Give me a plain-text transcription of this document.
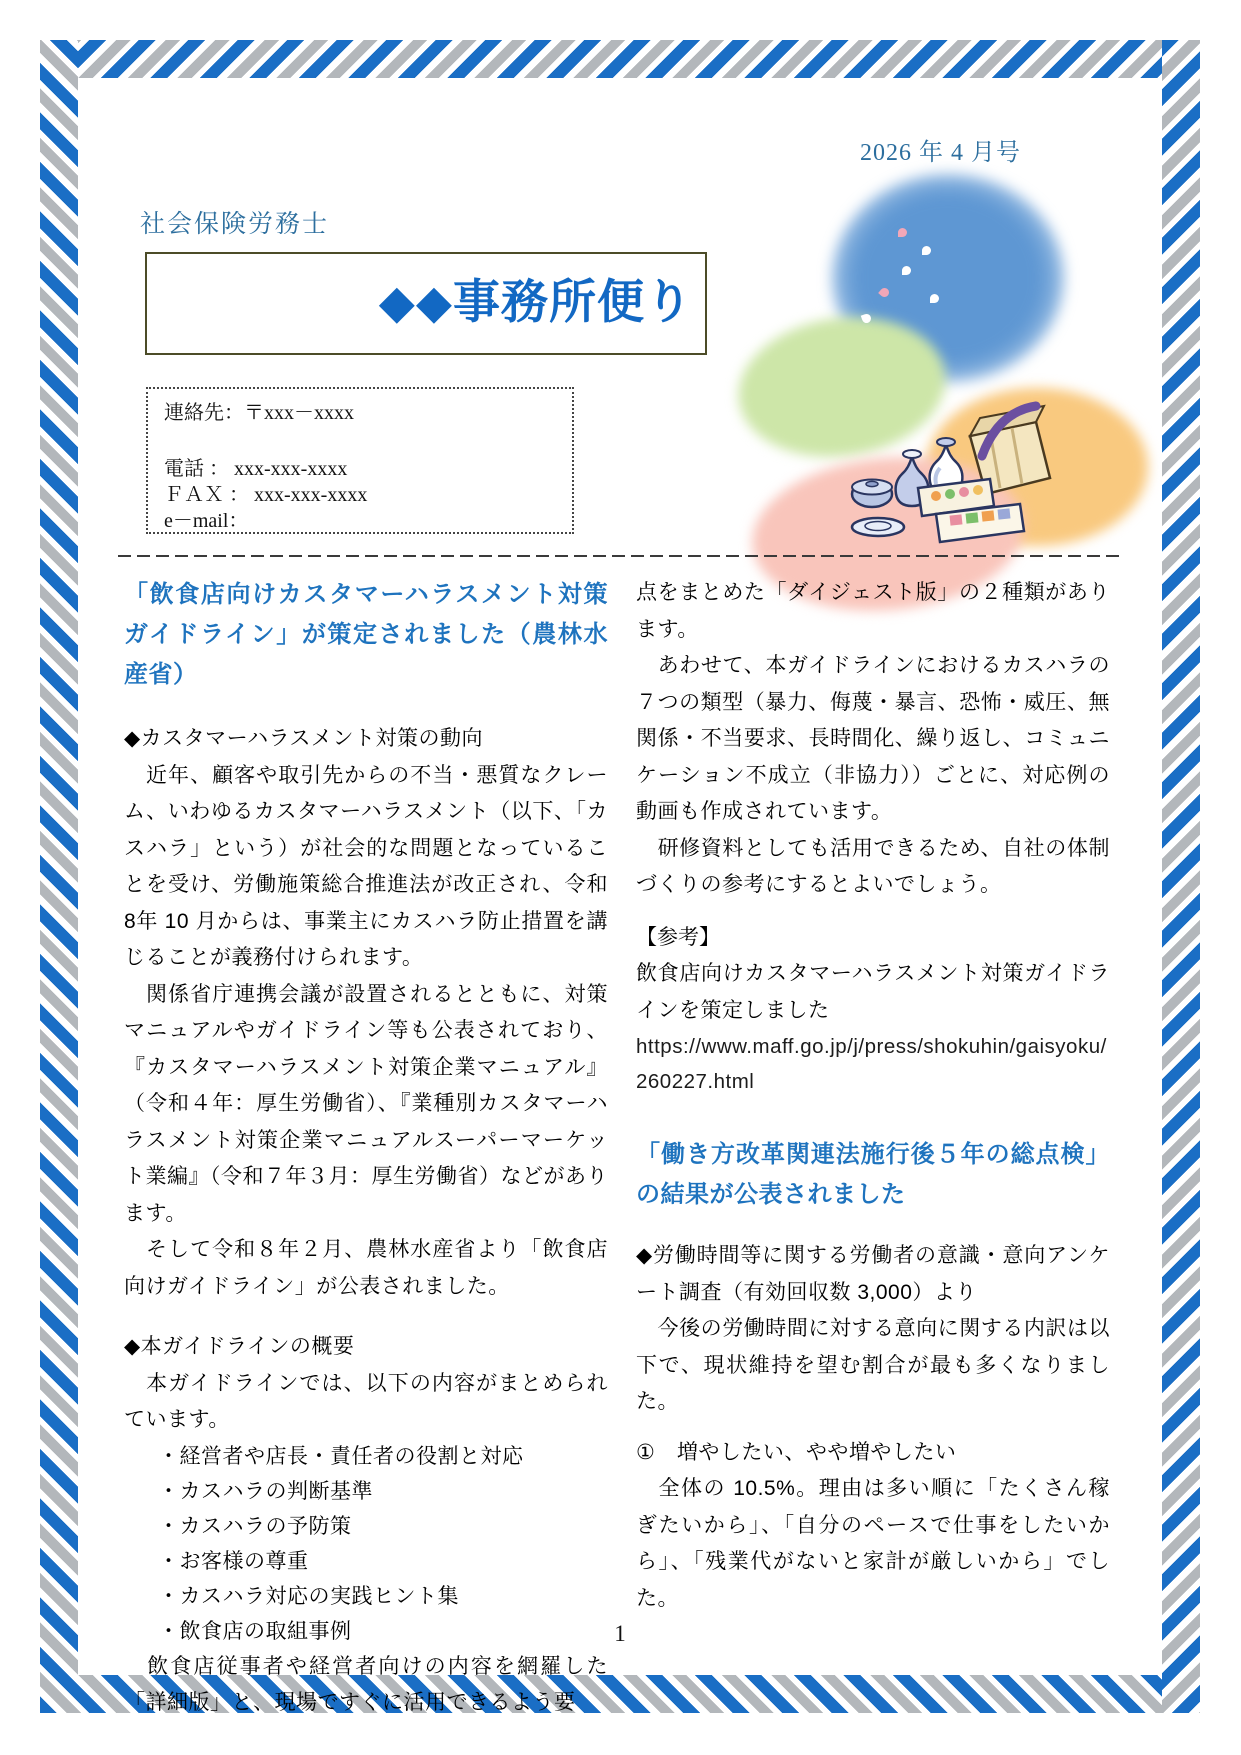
2026 年 4 月号
社会保険労務士
◆◆事務所便り
連絡先：〒xxx－xxxx
電話 ： xxx-xxx-xxxx
ＦＡＸ ： xxx-xxx-xxxx
e－mail：
「飲食店向けカスタマーハラスメント対策ガイドライン」が策定されました（農林水産省）

◆カスタマーハラスメント対策の動向

　近年、顧客や取引先からの不当・悪質なクレーム、いわゆるカスタマーハラスメント（以下、「カスハラ」という）が社会的な問題となっていることを受け、労働施策総合推進法が改正され、令和8年 10 月からは、事業主にカスハラ防止措置を講じることが義務付けられます。

　関係省庁連携会議が設置されるとともに、対策マニュアルやガイドライン等も公表されており、『カスタマーハラスメント対策企業マニュアル』（令和４年：厚生労働省）、『業種別カスタマーハラスメント対策企業マニュアルスーパーマーケット業編』（令和７年３月：厚生労働省）などがあります。

　そして令和８年２月、農林水産省より「飲食店向けガイドライン」が公表されました。

◆本ガイドラインの概要

　本ガイドラインでは、以下の内容がまとめられています。

・経営者や店長・責任者の役割と対応
・カスハラの判断基準
・カスハラの予防策
・お客様の尊重
・カスハラ対応の実践ヒント集
・飲食店の取組事例

　飲食店従事者や経営者向けの内容を網羅した「詳細版」と、現場ですぐに活用できるよう要

点をまとめた「ダイジェスト版」の２種類があります。

　あわせて、本ガイドラインにおけるカスハラの７つの類型（暴力、侮蔑・暴言、恐怖・威圧、無関係・不当要求、長時間化、繰り返し、コミュニケーション不成立（非協力））ごとに、対応例の動画も作成されています。

　研修資料としても活用できるため、自社の体制づくりの参考にするとよいでしょう。

【参考】

飲食店向けカスタマーハラスメント対策ガイドラインを策定しました

https://www.maff.go.jp/j/press/shokuhin/gaisyoku/260227.html

「働き方改革関連法施行後５年の総点検」の結果が公表されました

◆労働時間等に関する労働者の意識・意向アンケート調査（有効回収数 3,000）より

　今後の労働時間に対する意向に関する内訳は以下で、現状維持を望む割合が最も多くなりました。

①　増やしたい、やや増やしたい

　全体の 10.5%。理由は多い順に「たくさん稼ぎたいから」、「自分のペースで仕事をしたいから」、「残業代がないと家計が厳しいから」でした。

1
